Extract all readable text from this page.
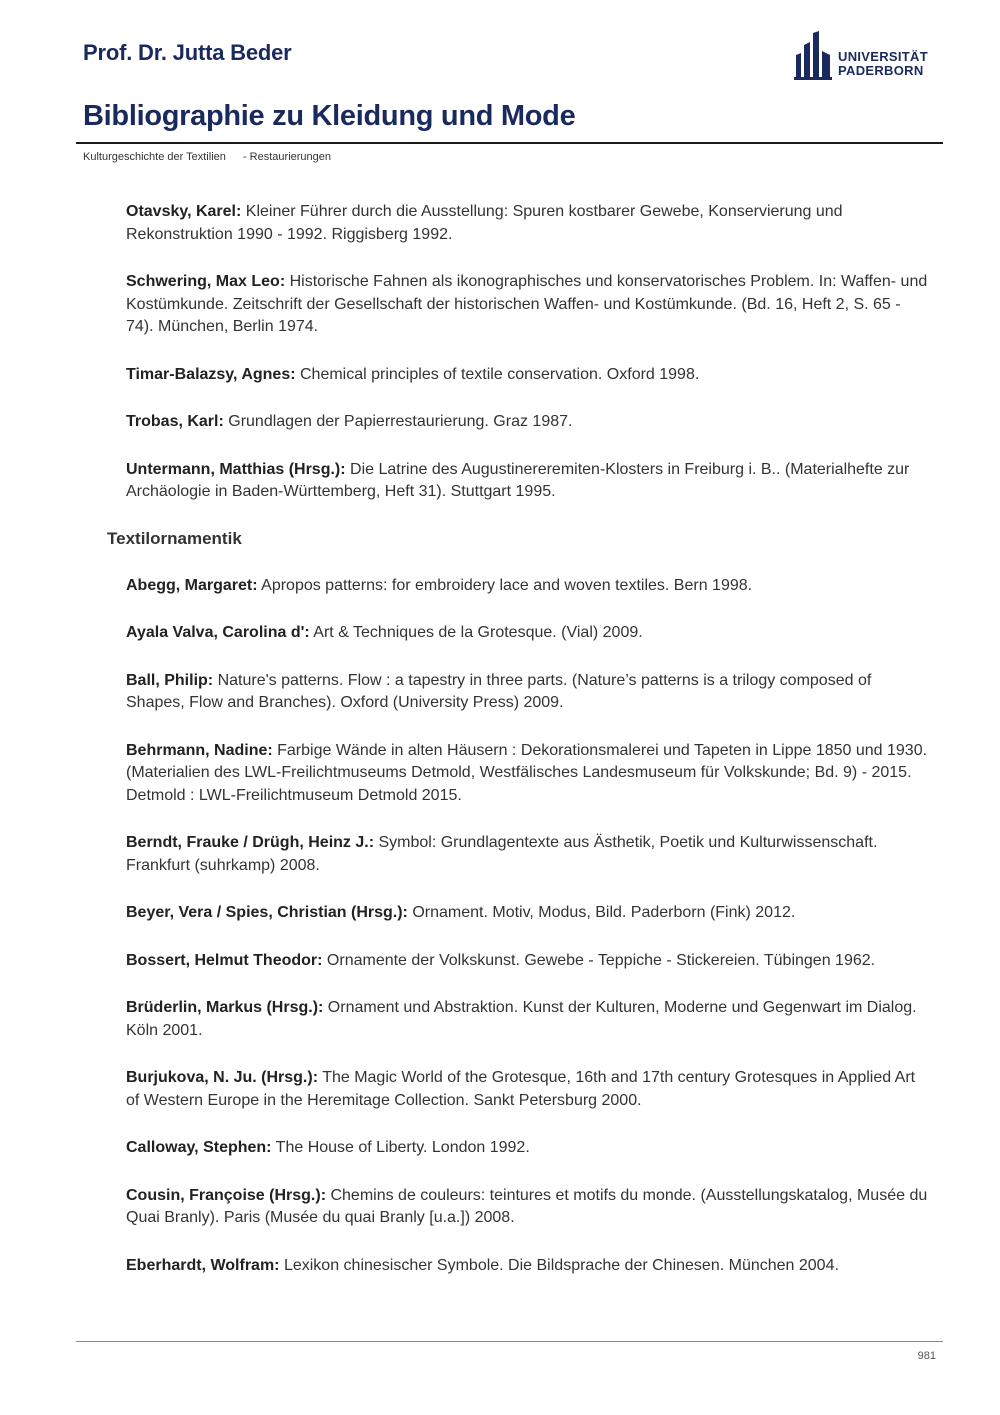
Prof. Dr. Jutta Beder	UNIVERSITÄT
PADERBORN
Bibliographie zu Kleidung und Mode
Kulturgeschichte der Textilien - Restaurierungen

Otavsky, Karel: Kleiner Führer durch die Ausstellung: Spuren kostbarer Gewebe, Konservierung und Rekonstruktion 1990 - 1992. Riggisberg 1992.

Schwering, Max Leo: Historische Fahnen als ikonographisches und konservatorisches Problem. In: Waffen- und Kostümkunde. Zeitschrift der Gesellschaft der historischen Waffen- und Kostümkunde. (Bd. 16, Heft 2, S. 65 - 74). München, Berlin 1974.

Timar-Balazsy, Agnes: Chemical principles of textile conservation. Oxford 1998.

Trobas, Karl: Grundlagen der Papierrestaurierung. Graz 1987.

Untermann, Matthias (Hrsg.): Die Latrine des Augustinereremiten-Klosters in Freiburg i. B.. (Materialhefte zur Archäologie in Baden-Württemberg, Heft 31). Stuttgart 1995.

Textilornamentik

Abegg, Margaret: Apropos patterns: for embroidery lace and woven textiles. Bern 1998.

Ayala Valva, Carolina d': Art & Techniques de la Grotesque. (Vial) 2009.

Ball, Philip: Nature's patterns. Flow : a tapestry in three parts. (Nature’s patterns is a trilogy composed of Shapes, Flow and Branches). Oxford (University Press) 2009.

Behrmann, Nadine: Farbige Wände in alten Häusern : Dekorationsmalerei und Tapeten in Lippe 1850 und 1930. (Materialien des LWL-Freilichtmuseums Detmold, Westfälisches Landesmuseum für Volkskunde; Bd. 9) - 2015. Detmold : LWL-Freilichtmuseum Detmold 2015.

Berndt, Frauke / Drügh, Heinz J.: Symbol: Grundlagentexte aus Ästhetik, Poetik und Kulturwissenschaft. Frankfurt (suhrkamp) 2008.

Beyer, Vera / Spies, Christian (Hrsg.): Ornament. Motiv, Modus, Bild. Paderborn (Fink) 2012.

Bossert, Helmut Theodor: Ornamente der Volkskunst. Gewebe - Teppiche - Stickereien. Tübingen 1962.

Brüderlin, Markus (Hrsg.): Ornament und Abstraktion. Kunst der Kulturen, Moderne und Gegenwart im Dialog. Köln 2001.

Burjukova, N. Ju. (Hrsg.): The Magic World of the Grotesque, 16th and 17th century Grotesques in Applied Art of Western Europe in the Heremitage Collection. Sankt Petersburg 2000.

Calloway, Stephen: The House of Liberty. London 1992.

Cousin, Françoise (Hrsg.): Chemins de couleurs: teintures et motifs du monde. (Ausstellungskatalog, Musée du Quai Branly). Paris (Musée du quai Branly [u.a.]) 2008.

Eberhardt, Wolfram: Lexikon chinesischer Symbole. Die Bildsprache der Chinesen. München 2004.

981
